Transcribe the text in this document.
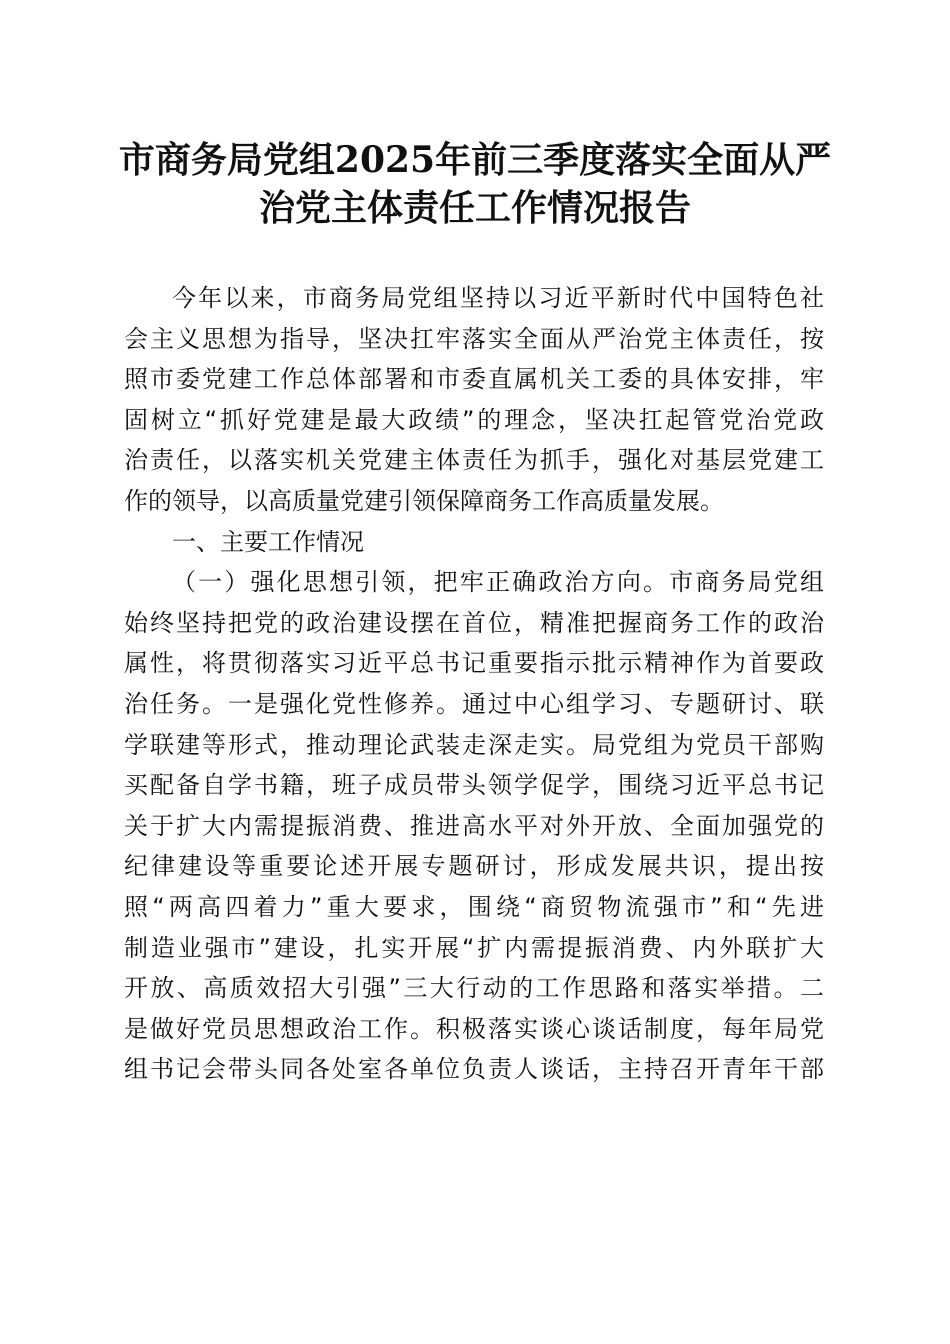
市商务局党组2025年前三季度落实全面从严
治党主体责任工作情况报告
今年以来，市商务局党组坚持以习近平新时代中国特色社
会主义思想为指导，坚决扛牢落实全面从严治党主体责任，按
照市委党建工作总体部署和市委直属机关工委的具体安排，牢
固树立“抓好党建是最大政绩”的理念，坚决扛起管党治党政
治责任，以落实机关党建主体责任为抓手，强化对基层党建工
作的领导，以高质量党建引领保障商务工作高质量发展。
一、主要工作情况
（一）强化思想引领，把牢正确政治方向。市商务局党组
始终坚持把党的政治建设摆在首位，精准把握商务工作的政治
属性，将贯彻落实习近平总书记重要指示批示精神作为首要政
治任务。一是强化党性修养。通过中心组学习、专题研讨、联
学联建等形式，推动理论武装走深走实。局党组为党员干部购
买配备自学书籍，班子成员带头领学促学，围绕习近平总书记
关于扩大内需提振消费、推进高水平对外开放、全面加强党的
纪律建设等重要论述开展专题研讨，形成发展共识，提出按
照“两高四着力”重大要求，围绕“商贸物流强市”和“先进
制造业强市”建设，扎实开展“扩内需提振消费、内外联扩大
开放、高质效招大引强”三大行动的工作思路和落实举措。二
是做好党员思想政治工作。积极落实谈心谈话制度，每年局党
组书记会带头同各处室各单位负责人谈话，主持召开青年干部
